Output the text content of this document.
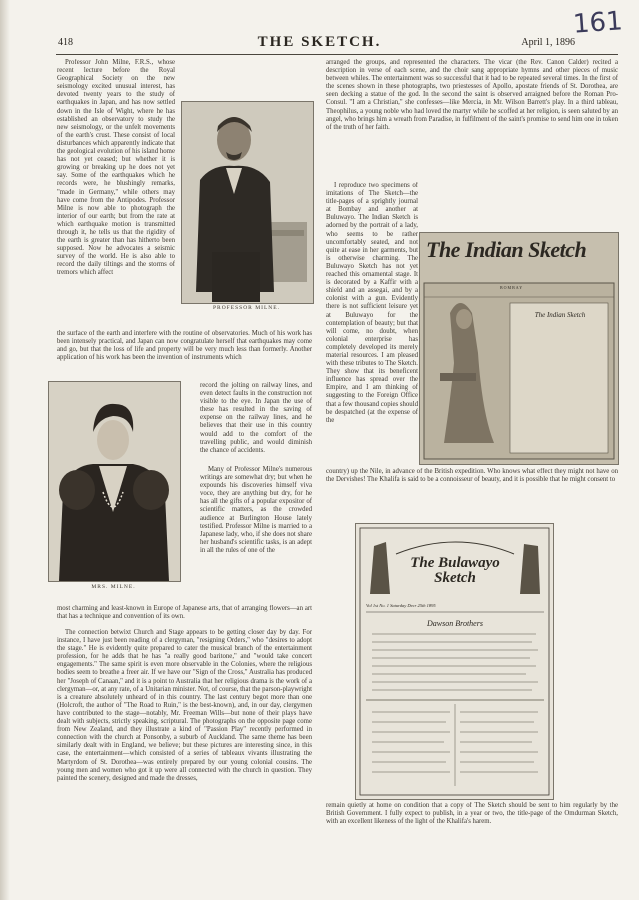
418	THE SKETCH.	April 1, 1896
161

Professor John Milne, F.R.S., whose recent lecture before the Royal Geographical Society on the new seismology excited unusual interest, has devoted twenty years to the study of earthquakes in Japan, and has now settled down in the Isle of Wight, where he has established an observatory to study the new seismology, or the unfelt movements of the earth's crust. These consist of local disturbances which apparently indicate that the geological evolution of his island home has not yet ceased; but whether it is growing or breaking up he does not yet say. Some of the earthquakes which he records were, he blushingly remarks, "made in Germany," while others may have come from the Antipodes. Professor Milne is now able to photograph the interior of our earth; but from the rate at which earthquake motion is transmitted through it, he tells us that the rigidity of the earth is greater than has hitherto been supposed. Now he advocates a seismic survey of the world. He is also able to record the daily tiltings and the storms of tremors which affect

PROFESSOR MILNE.

the surface of the earth and interfere with the routine of observatories. Much of his work has been intensely practical, and Japan can now congratulate herself that earthquakes may come and go, but that the loss of life and property will be very much less than formerly. Another application of his work has been the invention of instruments which

MRS. MILNE.

record the jolting on railway lines, and even detect faults in the construction not visible to the eye. In Japan the use of these has resulted in the saving of expense on the railway lines, and he believes that their use in this country would add to the comfort of the travelling public, and would diminish the chance of accidents.

Many of Professor Milne's numerous writings are somewhat dry; but when he expounds his discoveries himself viva voce, they are anything but dry, for he has all the gifts of a popular expositor of scientific matters, as the crowded audience at Burlington House lately testified. Professor Milne is married to a Japanese lady, who, if she does not share her husband's scientific tasks, is an adept in all the rules of one of the

most charming and least-known in Europe of Japanese arts, that of arranging flowers—an art that has a technique and convention of its own.

The connection betwixt Church and Stage appears to be getting closer day by day. For instance, I have just been reading of a clergyman, "resigning Orders," who "desires to adopt the stage." He is evidently quite prepared to cater the musical branch of the entertainment profession, for he adds that he has "a really good baritone," and "would take concert engagements." The same spirit is even more observable in the Colonies, where the religious bodies seem to breathe a freer air. If we have our "Sign of the Cross," Australia has produced her "Joseph of Canaan," and it is a point to Australia that her religious drama is the work of a clergyman—or, at any rate, of a Unitarian minister. Not, of course, that the parson-playwright is a creature absolutely unheard of in this country. The last century begot more than one (Holcroft, the author of "The Road to Ruin," is the best-known), and, in our day, clergymen have contributed to the stage—notably, Mr. Freeman Wills—but none of their plays have dealt with subjects, strictly speaking, scriptural. The photographs on the opposite page come from New Zealand, and they illustrate a kind of "Passion Play" recently performed in connection with the church at Ponsonby, a suburb of Auckland. The same theme has been similarly dealt with in England, we believe; but these pictures are interesting since, in this case, the entertainment—which consisted of a series of tableaux vivants illustrating the Martyrdom of St. Dorothea—was entirely prepared by our young colonial cousins. The young men and women who got it up were all connected with the church in question. They painted the scenery, designed and made the dresses,

arranged the groups, and represented the characters. The vicar (the Rev. Canon Calder) recited a description in verse of each scene, and the choir sang appropriate hymns and other pieces of music between whiles. The entertainment was so successful that it had to be repeated several times. In the first of the scenes shown in these photographs, two priestesses of Apollo, apostate friends of St. Dorothea, are seen decking a statue of the god. In the second the saint is observed arraigned before the Roman Pro-Consul. "I am a Christian," she confesses—like Mercia, in Mr. Wilson Barrett's play. In a third tableau, Theophilus, a young noble who had loved the martyr while he scoffed at her religion, is seen saluted by an angel, who brings him a wreath from Paradise, in fulfilment of the saint's promise to send him one in token of the truth of her faith.

I reproduce two specimens of imitations of The Sketch—the title-pages of a sprightly journal at Bombay and another at Buluwayo. The Indian Sketch is adorned by the portrait of a lady, who seems to be rather uncomfortably seated, and not quite at ease in her garments, but is otherwise charming. The Buluwayo Sketch has not yet reached this ornamental stage. It is decorated by a Kaffir with a shield and an assegai, and by a colonist with a gun. Evidently there is not sufficient leisure yet at Buluwayo for the contemplation of beauty; but that will come, no doubt, when colonial enterprise has completely developed its merely material resources. I am pleased with these tributes to The Sketch. They show that its beneficent influence has spread over the Empire, and I am thinking of suggesting to the Foreign Office that a few thousand copies should be despatched (at the expense of the

The Indian Sketch
BOMBAY
The Indian Sketch

country) up the Nile, in advance of the British expedition. Who knows what effect they might not have on the Dervishes! The Khalifa is said to be a connoisseur of beauty, and it is possible that he might consent to

The Bulawayo Sketch
Vol 1st No. 1 Saturday Decr 25th 1895
Dawson Brothers

remain quietly at home on condition that a copy of The Sketch should be sent to him regularly by the British Government. I fully expect to publish, in a year or two, the title-page of the Omdurman Sketch, with an excellent likeness of the light of the Khalifa's harem.
